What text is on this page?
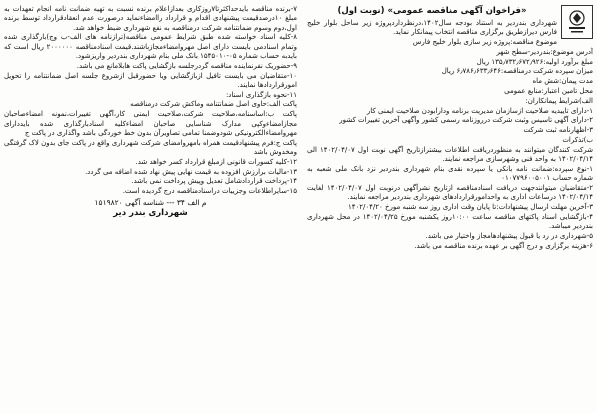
«فراخوان آگهی مناقصه عمومی» (نوبت اول)

شهرداری بندردیر به استناد بودجه سال۱۴۰۲،درنظرداردپروژه زیر ساحل بلوار خلیج فارس دیرازطریق برگزاری مناقصه انتخاب پیمانکار نماید.

موضوع مناقصه:پروژه زیر سازی بلوار خلیج فارس

آدرس موضوع:بندردیر-سطح شهر

مبلغ برآورد اولیه:۱۳۵٫۷۳۲٫۶۷۲٫۹۲۶ ریال

میزان سپرده شرکت درمناقصه:۶٫۷۸۶٫۶۳۳٫۶۴۶ ریال

مدت پیمان:شش ماه

محل تامین اعتبار:منابع عمومی

الف)شرایط پیمانکاران:

۱-دارای تاییدیه صلاحیت ازسازمان مدیریت برنامه ودارابودن صلاحیت ایمنی کار

۲-دارای آگهی تاسیس وثبت شرکت درروزنامه رسمی کشور وآگهی آخرین تغییرات کشور

۳-اظهارنامه ثبت شرکت

ب)تذکرات

شرکت کنندگان میتوانند به منظوردریافت اطلاعات بیشترازتاریخ آگهی نوبت اول ۱۴۰۲/۰۴/۰۷ الی ۱۴۰۲/۰۴/۱۴ به واحد فنی وشهرسازی مراجعه نمایند.

۱-نوع سپرده:ضمانت نامه بانکی یا سپرده نقدی بنام شهرداری بندردیر نزد بانک ملی شعبه به شماره حساب ۰۱۰۷۷۹۶۰۰۵۰۰۱

۲-متقاضیان میتوانندجهت دریافت اسنادمناقصه ازتاریخ نشرآگهی درنوبت اول ۱۴۰۲/۰۴/۰۷ لغایت ۱۴۰۲/۰۴/۱۴ درساعات اداری به واحدامورقراردادهای شهرداری بندردیر مراجعه نمایند.

۳-آخرین مهلت ارسال پیشنهادات:تا پایان وقت اداری روز سه شنبه مورخ ۱۴۰۲/۰۴/۲۰

۴-بازگشایی اسناد پاکتهای مناقصه ساعت ۱۰:۰۰روز یکشنبه مورخ ۱۴۰۲/۰۴/۲۵ در محل شهرداری بندردیر میباشد.

۵-شهرداری در رد یا قبول پیشنهادهامجاز واختیار می باشد.

۶-هزینه برگزاری و درج آگهی بر عهده برنده مناقصه می باشد.

۷-برنده مناقصه بایدحداکثرتا۷روزکاری بعدازاعلام برنده نسبت به تهیه ضمانت نامه انجام تعهدات به مبلغ ۱۰درصدقیمت پیشنهادی اقدام و قرارداد راامضاءنماید درصورت عدم انعقادقرارداد توسط برنده اول،دوم وسوم ضمانتنامه شرکت درمناقصه به نفع شهرداری ضبط خواهد شد.

۸-کلیه اسناد خواسته شده طبق شرایط عمومی مناقصه(ترازنامه های الف-ب وج)بارگذاری شده وتمام اسنادمی بایست دارای اصل مهروامضاءمجازباشند.قیمت اسنادمناقصه ۲۰۰۰۰۰۰ ریال است که بایدبه حساب شماره ۰۵-۱۵۴۵۰۱۰ بانک ملی بنام شهرداری بندردیر واریزشود.

۹-حضوریک نفرنماینده مناقصه گردرجلسه بازگشایی پاکت هابلامانع می باشد.

۱۰-متقاضیان می بایست تافیل ازبازگشایی ویا حضورقبل ازشروع جلسه اصل ضمانتنامه را تحویل امورقراردادها نمایند.

۱۱-نحوه بازگذاری اسناد:

پاکت الف:حاوی اصل ضمانتنامه وماکش شرکت درمناقصه

پاکت ب:اساسنامه،صلاحیت شرکت،صلاحیت ایمنی کار،آگهی تغییرات،نمونه امضاءصاحبان مجازامضاءوکپی مدارک شناسایی صاحبان امضاءکلیه اسنادبارگذاری شده بایددارای مهروامضاءالکترونیکی شودوضمنا تمامی تصاویرآن بدون خط خوردگی باشد واگذاری در پاکت ج

پاکت ج:فرم پیشنهادقیمت همراه بامهروامضای شرکت شهرداری واقع در پاکت جای بدون لاک گرفتگی ومخدوش باشد

۱۲-کلیه کسورات قانونی ازمبلغ قرارداد کسر خواهد شد.

۱۳-مالیات برارزش افزوده به قیمت نهایی پیش نهاد شده اضافه می گردد.

۱۴-پرداخت قراردادشامل تعدیل وپیش پرداخت نمی باشد.

۱۵-سایراطلاعات وجزییات دراسنادمناقصه درج گردیده است.

م الف ۳۴ --- شناسه آگهی ۱۵۱۹۸۲۰
شهرداری بندر دیر
